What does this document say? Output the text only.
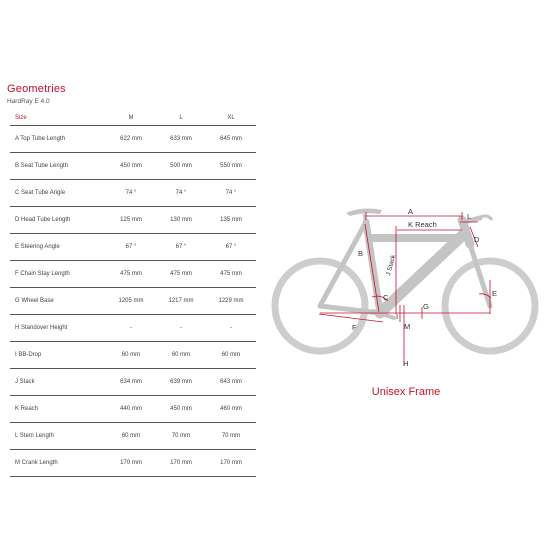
Geometries
HardRay E 4.0
Size	M	L	XL
A Top Tube Length	622 mm	633 mm	645 mm
B Seat Tube Length	450 mm	500 mm	550 mm
C Seat Tube Angle	74 °	74 °	74 °
D Head Tube Length	125 mm	130 mm	135 mm
E Steering Angle	67 °	67 °	67 °
F Chain Stay Length	475 mm	475 mm	475 mm
G Wheel Base	1205 mm	1217 mm	1229 mm
H Standover Height	-	-	-
I BB-Drop	60 mm	60 mm	60 mm
J Stack	634 mm	639 mm	643 mm
K Reach	440 mm	450 mm	460 mm
L Stem Length	60 mm	70 mm	70 mm
M Crank Length	170 mm	170 mm	170 mm
A
K Reach
L
D
B
C	E
G
F	M
I
H
J Stack
Unisex Frame
